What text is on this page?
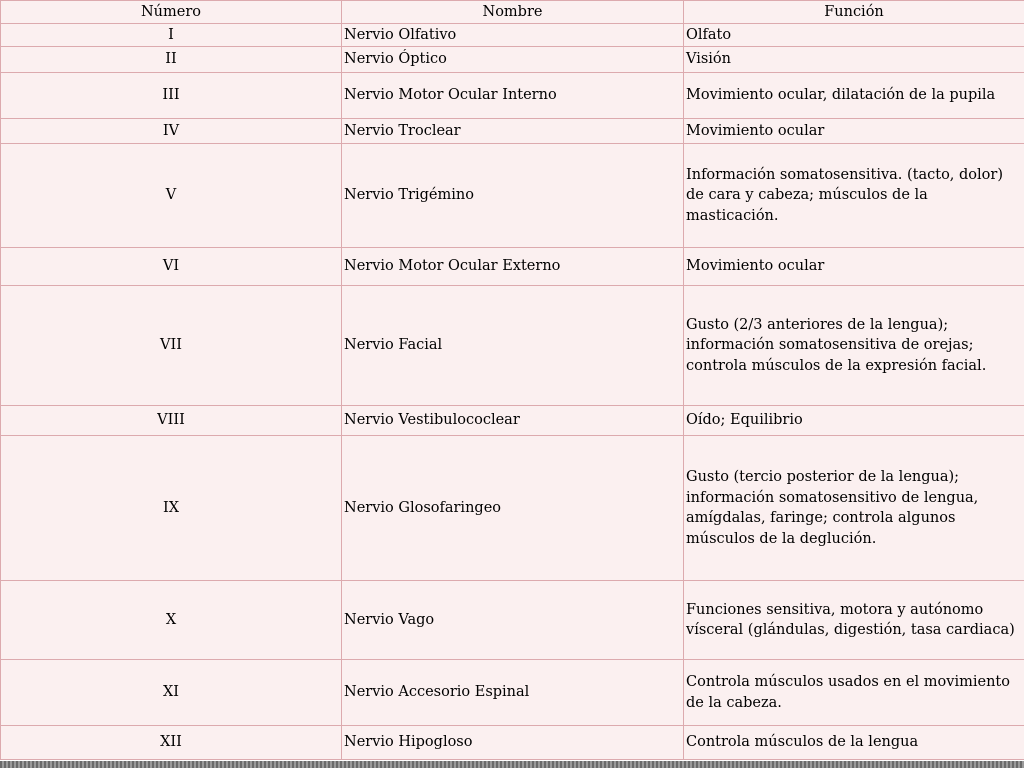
Número	Nombre	Función
I	Nervio Olfativo	Olfato
II	Nervio Óptico	Visión
III	Nervio Motor Ocular Interno	Movimiento ocular, dilatación de la pupila
IV	Nervio Troclear	Movimiento ocular
V	Nervio Trigémino	Información somatosensitiva. (tacto, dolor) de cara y cabeza; músculos de la masticación.
VI	Nervio Motor Ocular Externo	Movimiento ocular
VII	Nervio Facial	Gusto (2/3 anteriores de la lengua); información somatosensitiva de orejas; controla músculos de la expresión facial.
VIII	Nervio Vestibulococlear	Oído; Equilibrio
IX	Nervio Glosofaringeo	Gusto (tercio posterior de la lengua); información somatosensitivo de lengua, amígdalas, faringe; controla algunos músculos de la deglución.
X	Nervio Vago	Funciones sensitiva, motora y autónomo vísceral (glándulas, digestión, tasa cardiaca)
XI	Nervio Accesorio Espinal	Controla músculos usados en el movimiento de la cabeza.
XII	Nervio Hipogloso	Controla músculos de la lengua
